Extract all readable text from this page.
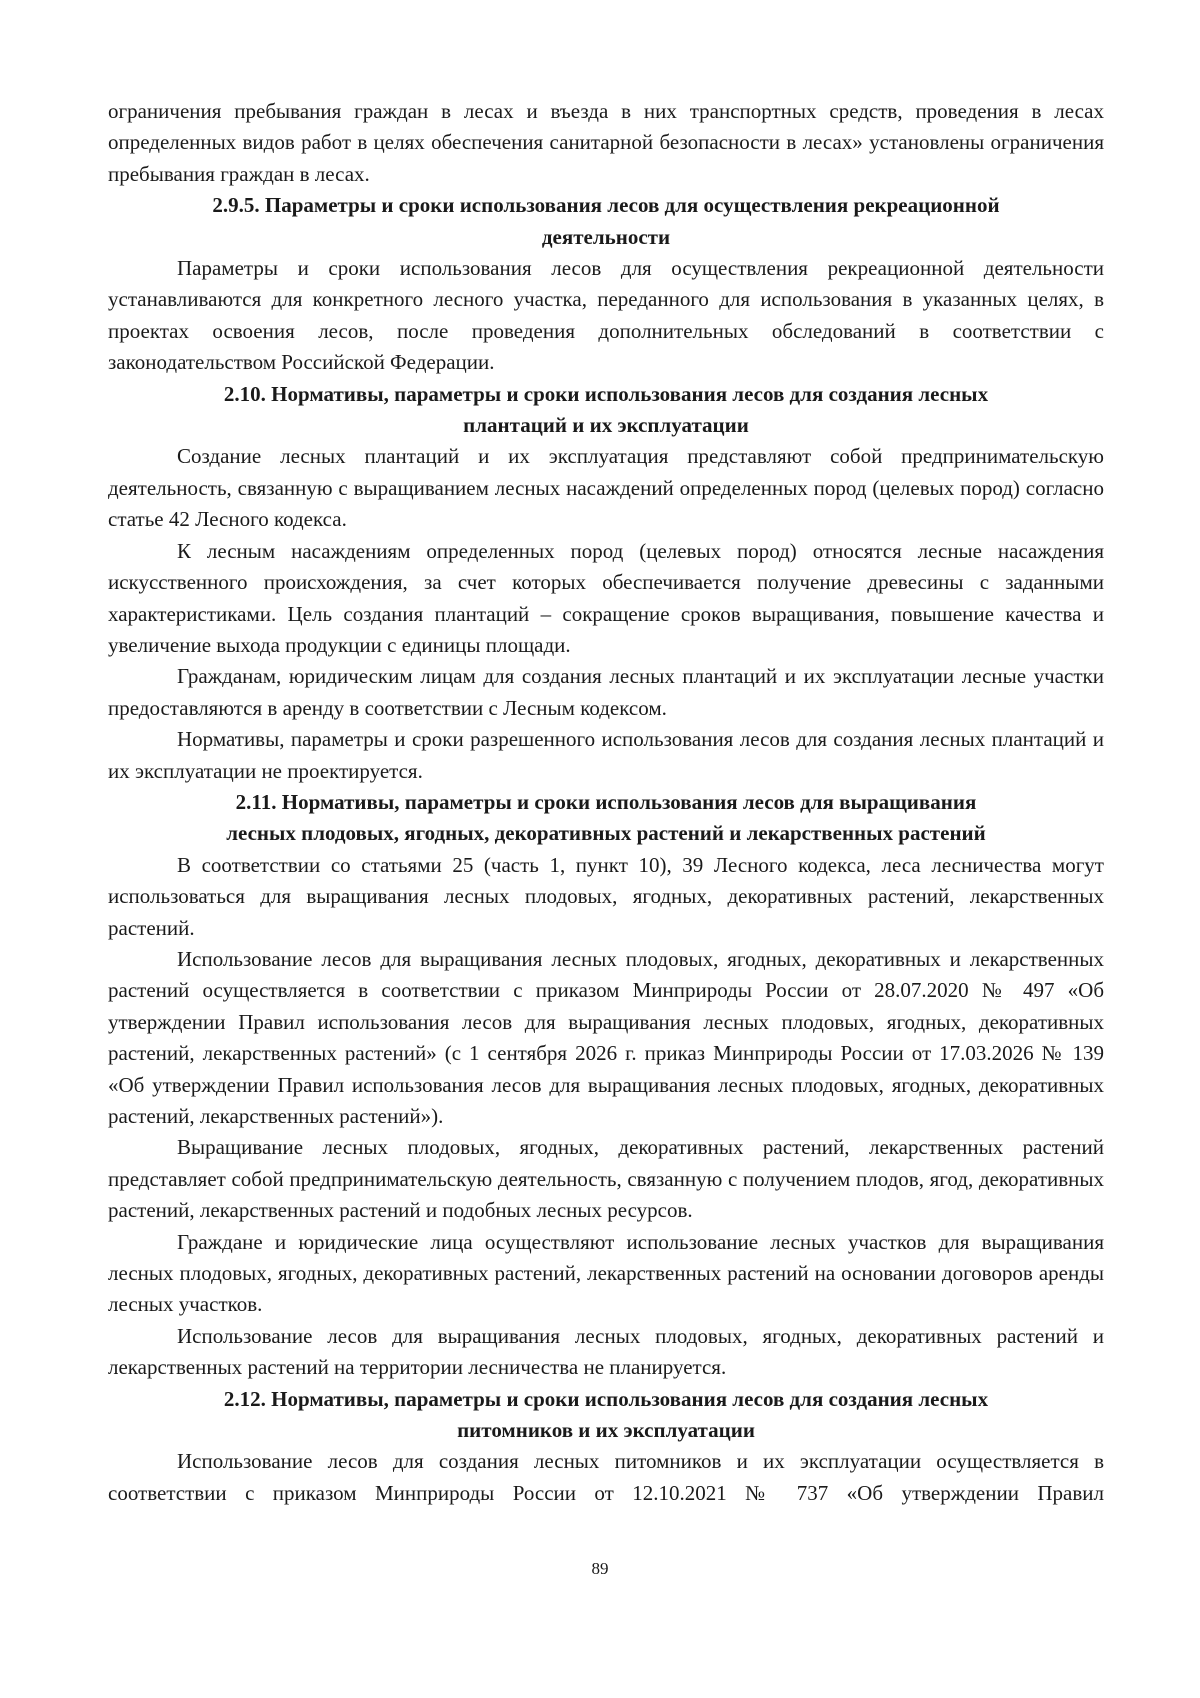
ограничения пребывания граждан в лесах и въезда в них транспортных средств, проведения в лесах определенных видов работ в целях обеспечения санитарной безопасности в лесах» установлены ограничения пребывания граждан в лесах.

2.9.5. Параметры и сроки использования лесов для осуществления рекреационной
деятельности

Параметры и сроки использования лесов для осуществления рекреационной деятельности устанавливаются для конкретного лесного участка, переданного для использования в указанных целях, в проектах освоения лесов, после проведения дополнительных обследований в соответствии с законодательством Российской Федерации.

2.10. Нормативы, параметры и сроки использования лесов для создания лесных
плантаций и их эксплуатации

Создание лесных плантаций и их эксплуатация представляют собой предпринимательскую деятельность, связанную с выращиванием лесных насаждений определенных пород (целевых пород) согласно статье 42 Лесного кодекса.

К лесным насаждениям определенных пород (целевых пород) относятся лесные насаждения искусственного происхождения, за счет которых обеспечивается получение древесины с заданными характеристиками. Цель создания плантаций – сокращение сроков выращивания, повышение качества и увеличение выхода продукции с единицы площади.

Гражданам, юридическим лицам для создания лесных плантаций и их эксплуатации лесные участки предоставляются в аренду в соответствии с Лесным кодексом.

Нормативы, параметры и сроки разрешенного использования лесов для создания лесных плантаций и их эксплуатации не проектируется.

2.11. Нормативы, параметры и сроки использования лесов для выращивания
лесных плодовых, ягодных, декоративных растений и лекарственных растений

В соответствии со статьями 25 (часть 1, пункт 10), 39 Лесного кодекса, леса лесничества могут использоваться для выращивания лесных плодовых, ягодных, декоративных растений, лекарственных растений.

Использование лесов для выращивания лесных плодовых, ягодных, декоративных и лекарственных растений осуществляется в соответствии с приказом Минприроды России от 28.07.2020 № 497 «Об утверждении Правил использования лесов для выращивания лесных плодовых, ягодных, декоративных растений, лекарственных растений» (с 1 сентября 2026 г. приказ Минприроды России от 17.03.2026 № 139 «Об утверждении Правил использования лесов для выращивания лесных плодовых, ягодных, декоративных растений, лекарственных растений»).

Выращивание лесных плодовых, ягодных, декоративных растений, лекарственных растений представляет собой предпринимательскую деятельность, связанную с получением плодов, ягод, декоративных растений, лекарственных растений и подобных лесных ресурсов.

Граждане и юридические лица осуществляют использование лесных участков для выращивания лесных плодовых, ягодных, декоративных растений, лекарственных растений на основании договоров аренды лесных участков.

Использование лесов для выращивания лесных плодовых, ягодных, декоративных растений и лекарственных растений на территории лесничества не планируется.

2.12. Нормативы, параметры и сроки использования лесов для создания лесных
питомников и их эксплуатации

Использование лесов для создания лесных питомников и их эксплуатации осуществляется в соответствии с приказом Минприроды России от 12.10.2021 № 737 «Об утверждении Правил

89
